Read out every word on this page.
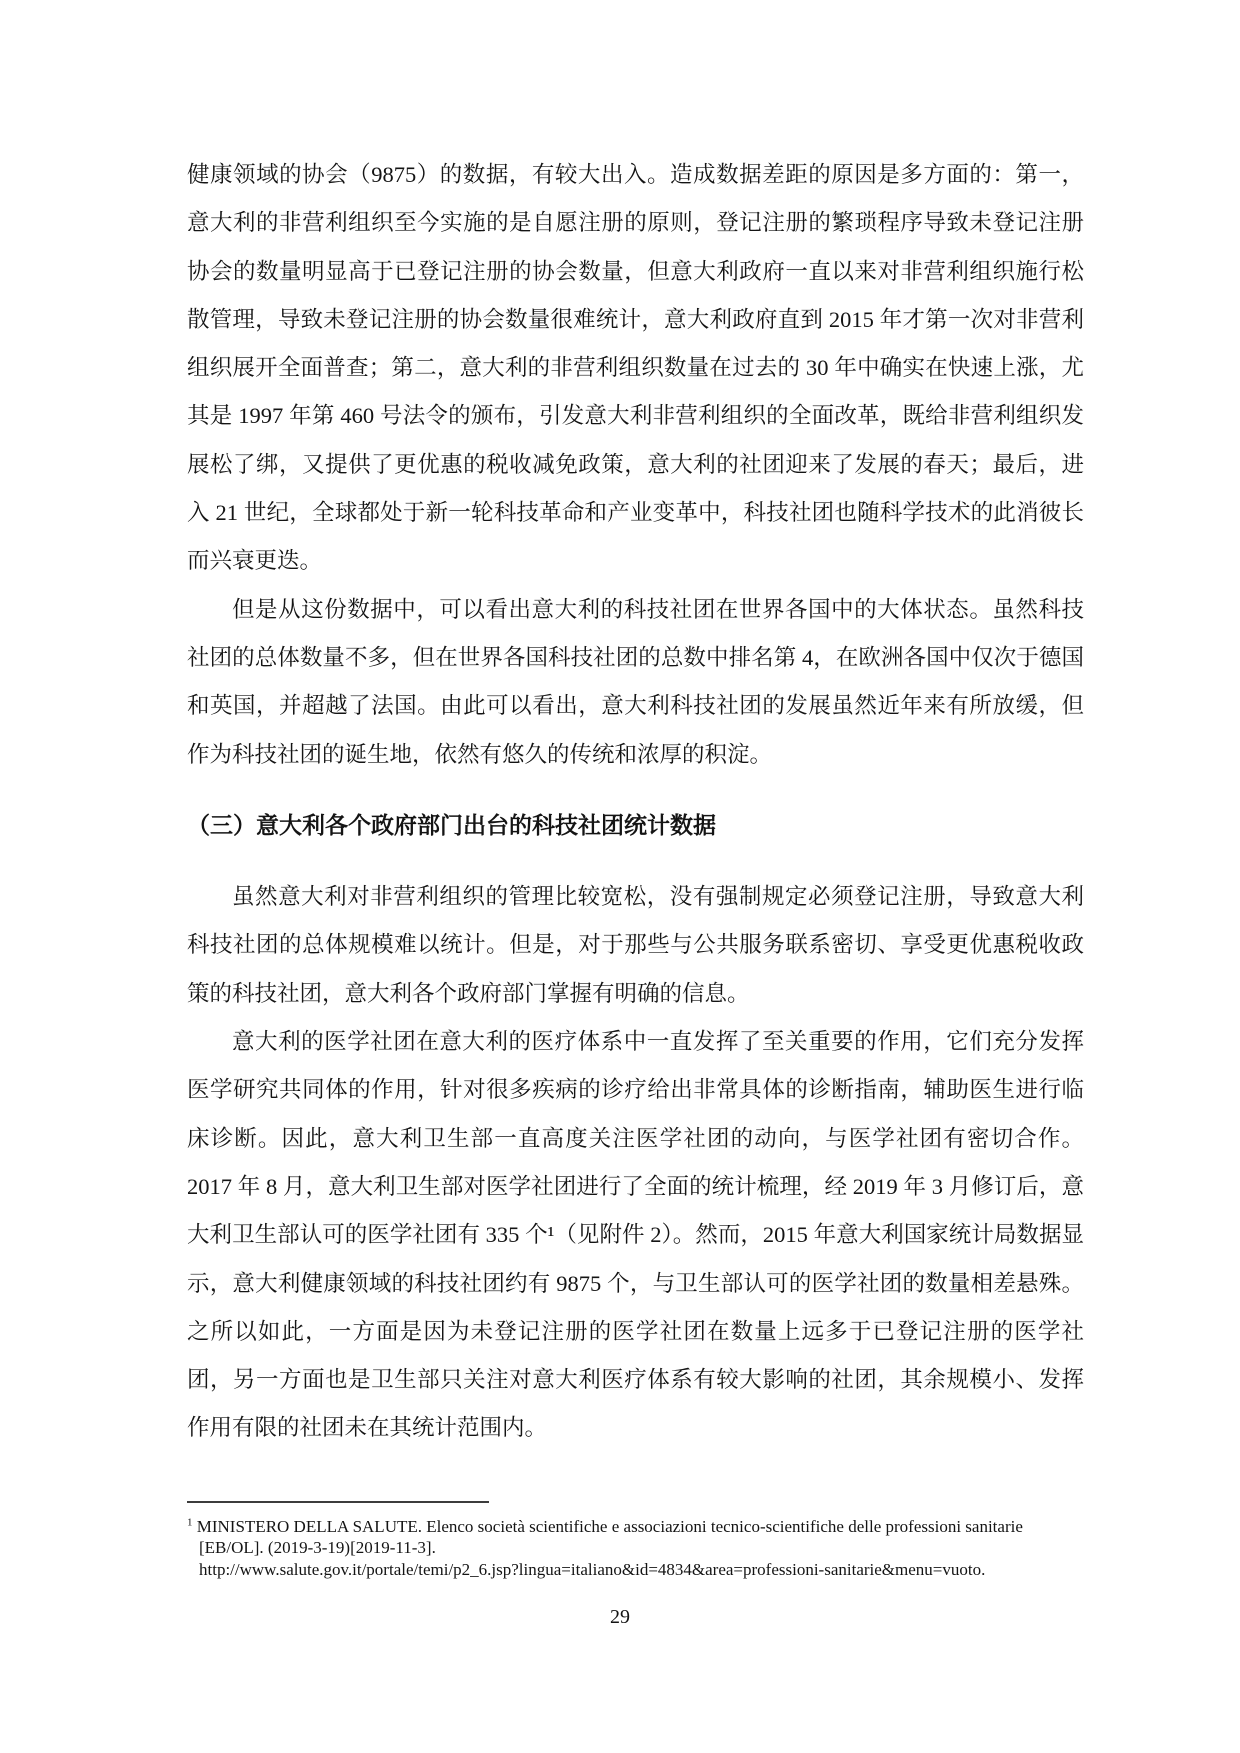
健康领域的协会（9875）的数据，有较大出入。造成数据差距的原因是多方面的：第一，意大利的非营利组织至今实施的是自愿注册的原则，登记注册的繁琐程序导致未登记注册协会的数量明显高于已登记注册的协会数量，但意大利政府一直以来对非营利组织施行松散管理，导致未登记注册的协会数量很难统计，意大利政府直到 2015 年才第一次对非营利组织展开全面普查；第二，意大利的非营利组织数量在过去的 30 年中确实在快速上涨，尤其是 1997 年第 460 号法令的颁布，引发意大利非营利组织的全面改革，既给非营利组织发展松了绑，又提供了更优惠的税收减免政策，意大利的社团迎来了发展的春天；最后，进入 21 世纪，全球都处于新一轮科技革命和产业变革中，科技社团也随科学技术的此消彼长而兴衰更迭。

但是从这份数据中，可以看出意大利的科技社团在世界各国中的大体状态。虽然科技社团的总体数量不多，但在世界各国科技社团的总数中排名第 4，在欧洲各国中仅次于德国和英国，并超越了法国。由此可以看出，意大利科技社团的发展虽然近年来有所放缓，但作为科技社团的诞生地，依然有悠久的传统和浓厚的积淀。

（三）意大利各个政府部门出台的科技社团统计数据

虽然意大利对非营利组织的管理比较宽松，没有强制规定必须登记注册，导致意大利科技社团的总体规模难以统计。但是，对于那些与公共服务联系密切、享受更优惠税收政策的科技社团，意大利各个政府部门掌握有明确的信息。

意大利的医学社团在意大利的医疗体系中一直发挥了至关重要的作用，它们充分发挥医学研究共同体的作用，针对很多疾病的诊疗给出非常具体的诊断指南，辅助医生进行临床诊断。因此，意大利卫生部一直高度关注医学社团的动向，与医学社团有密切合作。2017 年 8 月，意大利卫生部对医学社团进行了全面的统计梳理，经 2019 年 3 月修订后，意大利卫生部认可的医学社团有 335 个¹（见附件 2）。然而，2015 年意大利国家统计局数据显示，意大利健康领域的科技社团约有 9875 个，与卫生部认可的医学社团的数量相差悬殊。之所以如此，一方面是因为未登记注册的医学社团在数量上远多于已登记注册的医学社团，另一方面也是卫生部只关注对意大利医疗体系有较大影响的社团，其余规模小、发挥作用有限的社团未在其统计范围内。

$^1$ MINISTERO DELLA SALUTE. Elenco società scientifiche e associazioni tecnico-scientifiche delle professioni sanitarie [EB/OL]. (2019-3-19)[2019-11-3].

http://www.salute.gov.it/portale/temi/p2_6.jsp?lingua=italiano&id=4834&area=professioni-sanitarie&menu=vuoto.

29
